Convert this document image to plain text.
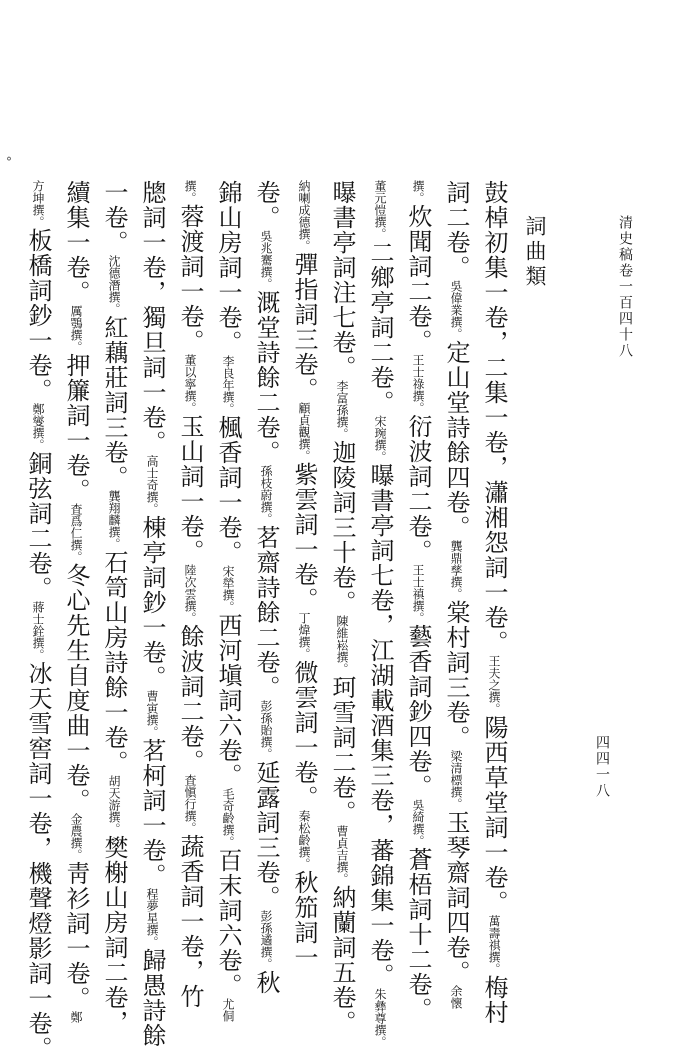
清史稿卷一百四十八
四四一八
詞曲類
°
鼓棹初集一卷，二集一卷，瀟湘怨詞一卷。王夫之撰。陽西草堂詞一卷。萬壽祺撰。梅村
詞二卷。吳偉業撰。定山堂詩餘四卷。龔鼎孳撰。棠村詞三卷。梁清標撰。玉琴齋詞四卷。余懷
撰。炊聞詞二卷。王士祿撰。衍波詞二卷。王士禛撰。藝香詞鈔四卷。吳綺撰。蒼梧詞十二卷。
董元愷撰。二鄉亭詞二卷。宋琬撰。曝書亭詞七卷，江湖載酒集三卷，蕃錦集一卷。朱彝尊撰。
曝書亭詞注七卷。李富孫撰。迦陵詞三十卷。陳維崧撰。珂雪詞二卷。曹貞吉撰。納蘭詞五卷。
納喇成德撰。彈指詞三卷。顧貞觀撰。紫雲詞一卷。丁煒撰。微雲詞一卷。秦松齡撰。秋笳詞一
卷。吳兆騫撰。溉堂詩餘二卷。孫枝蔚撰。茗齋詩餘二卷。彭孫貽撰。延露詞三卷。彭孫遹撰。秋
錦山房詞一卷。李良年撰。楓香詞一卷。宋犖撰。西河塡詞六卷。毛奇齡撰。百末詞六卷。尤侗
撰。蓉渡詞一卷。董以寧撰。玉山詞一卷。陸次雲撰。餘波詞二卷。査愼行撰。蔬香詞一卷，竹
牕詞一卷，獨旦詞一卷。高士奇撰。棟亭詞鈔一卷。曹寅撰。茗柯詞一卷。程夢星撰。歸愚詩餘
一卷。沈德潛撰。紅藕莊詞三卷。龔翔麟撰。石笥山房詩餘一卷。胡天游撰。樊榭山房詞二卷，
續集一卷。厲鶚撰。押簾詞一卷。査爲仁撰。冬心先生自度曲一卷。金農撰。靑衫詞一卷。鄭
方坤撰。板橋詞鈔一卷。鄭燮撰。銅弦詞二卷。蔣士銓撰。冰天雪窖詞一卷，機聲燈影詞一卷。
